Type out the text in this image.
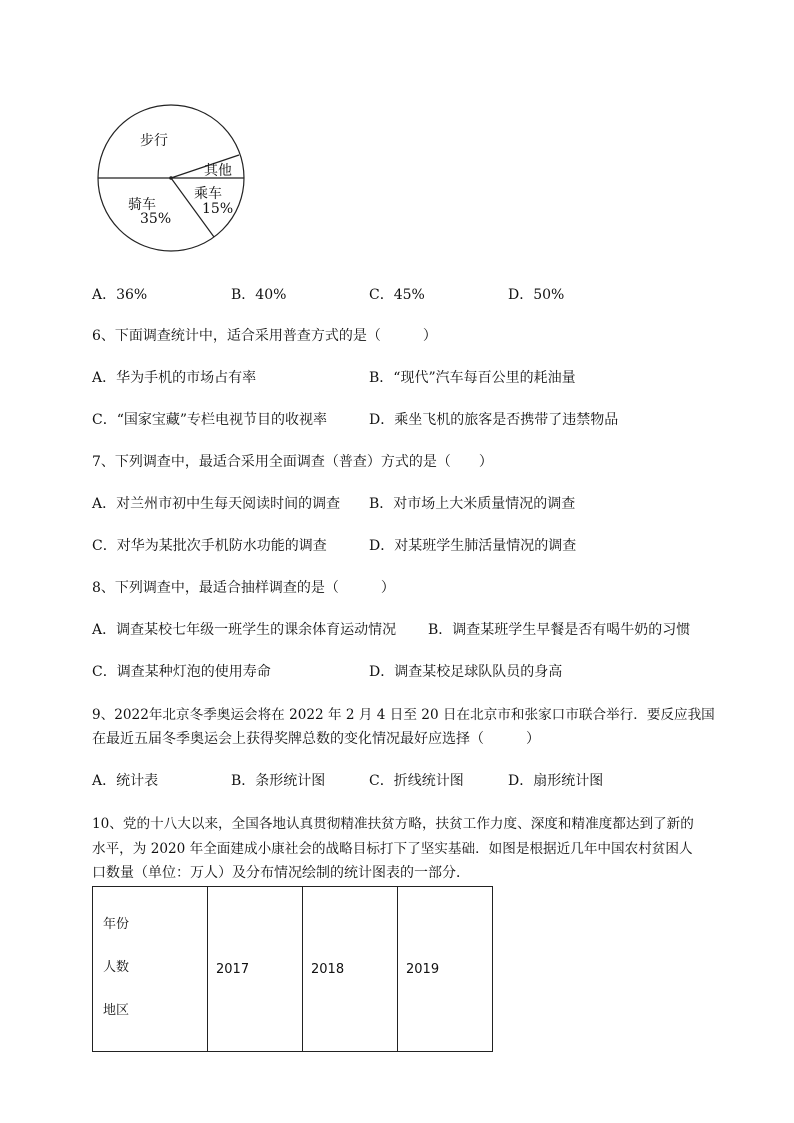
步行
其他
乘车
15%
骑车
35%
A．36%	B．40%	C．45%	D．50%
6、下面调查统计中，适合采用普查方式的是（　　　）
A．华为手机的市场占有率	B．“现代”汽车每百公里的耗油量
C．“国家宝藏”专栏电视节目的收视率	D．乘坐飞机的旅客是否携带了违禁物品
7、下列调查中，最适合采用全面调查（普查）方式的是（　　）
A．对兰州市初中生每天阅读时间的调查 B．对市场上大米质量情况的调查
C．对华为某批次手机防水功能的调查	D．对某班学生肺活量情况的调查
8、下列调查中，最适合抽样调查的是（　　　）
A．调查某校七年级一班学生的课余体育运动情况 B．调查某班学生早餐是否有喝牛奶的习惯
C．调查某种灯泡的使用寿命	D．调查某校足球队队员的身高
9、2022年北京冬季奥运会将在 2022 年 2 月 4 日至 20 日在北京市和张家口市联合举行．要反应我国
在最近五届冬季奥运会上获得奖牌总数的变化情况最好应选择（　　　）
A．统计表	B．条形统计图	C．折线统计图	D．扇形统计图
10、党的十八大以来，全国各地认真贯彻精准扶贫方略，扶贫工作力度、深度和精准度都达到了新的
水平，为 2020 年全面建成小康社会的战略目标打下了坚实基础．如图是根据近几年中国农村贫困人
口数量（单位：万人）及分布情况绘制的统计图表的一部分．
年份
人数
地区
	2017	2018	2019
